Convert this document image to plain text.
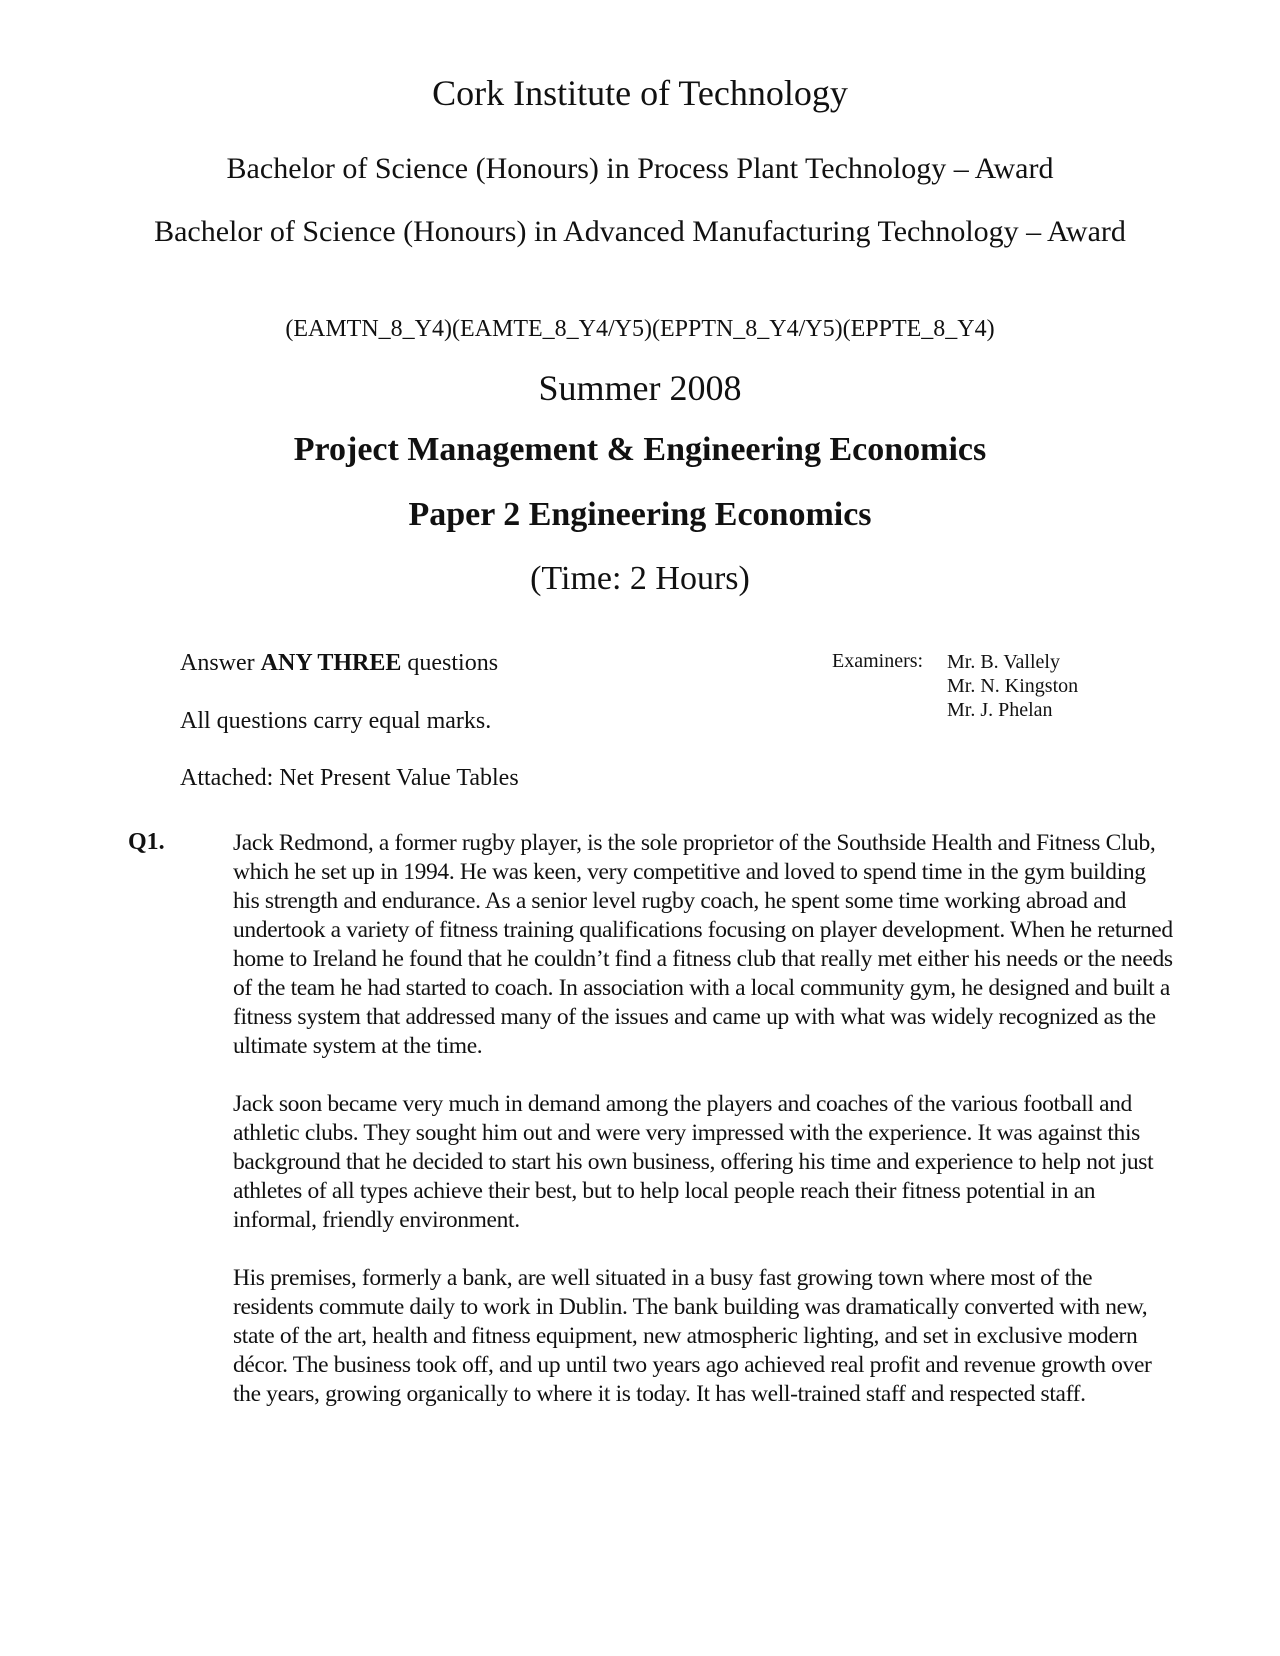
Cork Institute of Technology
Bachelor of Science (Honours) in Process Plant Technology – Award
Bachelor of Science (Honours) in Advanced Manufacturing Technology – Award
(EAMTN_8_Y4)(EAMTE_8_Y4/Y5)(EPPTN_8_Y4/Y5)(EPPTE_8_Y4)
Summer 2008
Project Management & Engineering Economics
Paper 2 Engineering Economics
(Time: 2 Hours)
Answer ANY THREE questions
All questions carry equal marks.
Attached: Net Present Value Tables
Examiners: Mr. B. Vallely
Mr. N. Kingston
Mr. J. Phelan
Q1.	Jack Redmond, a former rugby player, is the sole proprietor of the Southside Health and Fitness Club, which he set up in 1994. He was keen, very competitive and loved to spend time in the gym building his strength and endurance. As a senior level rugby coach, he spent some time working abroad and undertook a variety of fitness training qualifications focusing on player development. When he returned home to Ireland he found that he couldn’t find a fitness club that really met either his needs or the needs of the team he had started to coach. In association with a local community gym, he designed and built a fitness system that addressed many of the issues and came up with what was widely recognized as the ultimate system at the time.

Jack soon became very much in demand among the players and coaches of the various football and athletic clubs. They sought him out and were very impressed with the experience. It was against this background that he decided to start his own business, offering his time and experience to help not just athletes of all types achieve their best, but to help local people reach their fitness potential in an informal, friendly environment.

His premises, formerly a bank, are well situated in a busy fast growing town where most of the residents commute daily to work in Dublin. The bank building was dramatically converted with new, state of the art, health and fitness equipment, new atmospheric lighting, and set in exclusive modern décor. The business took off, and up until two years ago achieved real profit and revenue growth over the years, growing organically to where it is today. It has well-trained staff and respected staff.
